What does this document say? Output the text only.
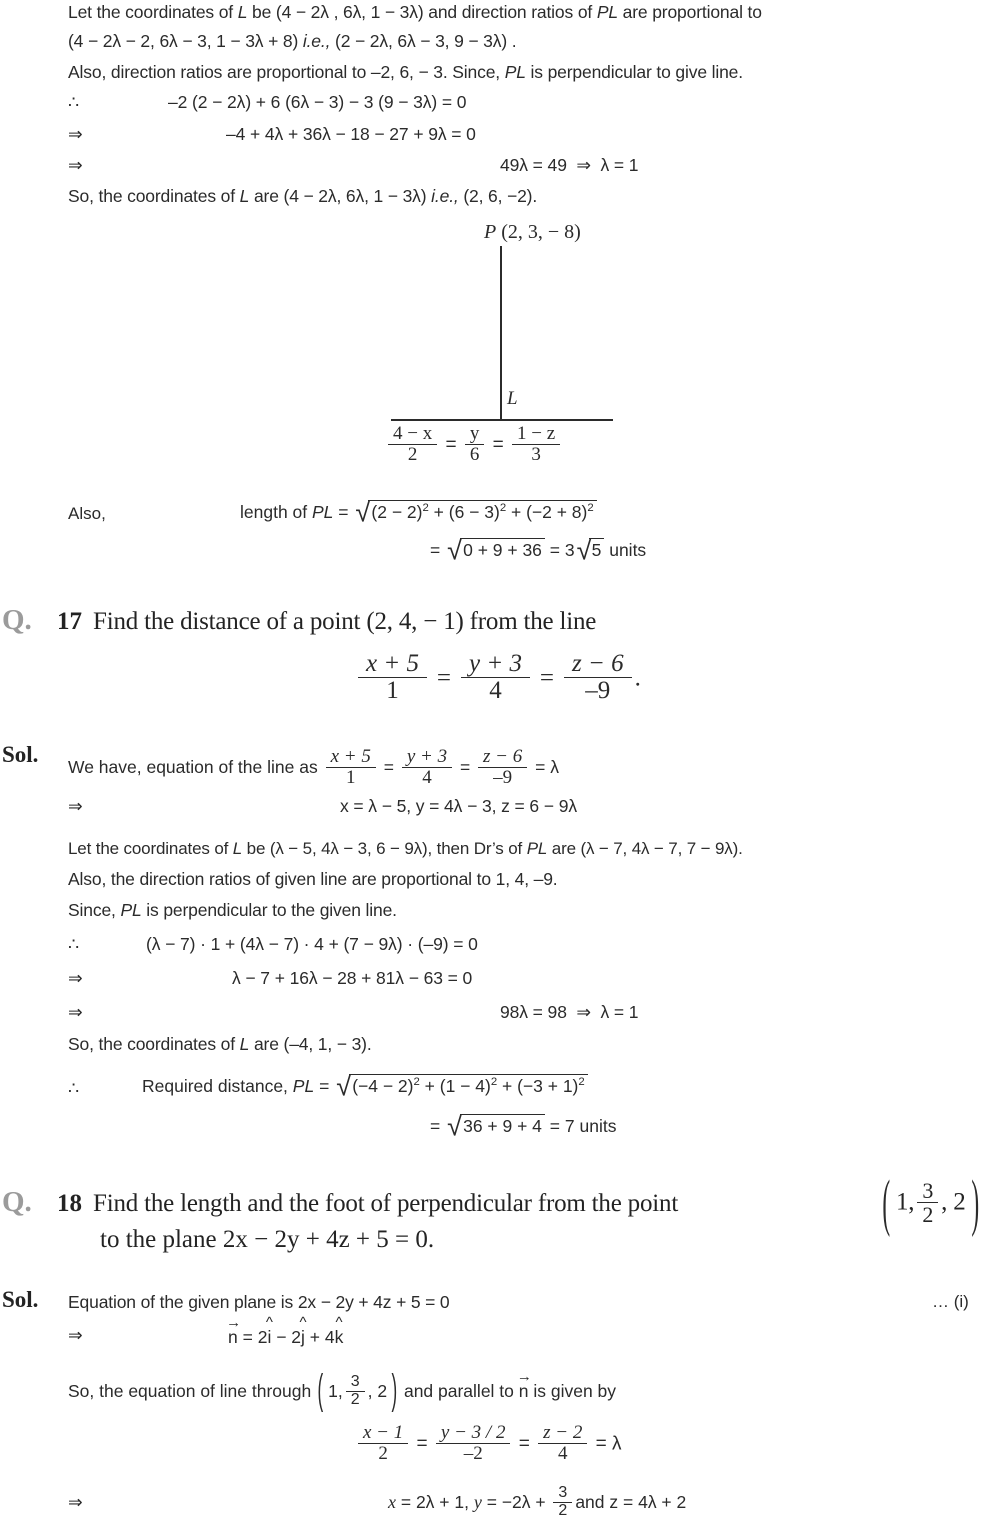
Let the coordinates of L be (4 − 2λ , 6λ, 1 − 3λ) and direction ratios of PL are proportional to
(4 − 2λ − 2, 6λ − 3, 1 − 3λ + 8) i.e., (2 − 2λ, 6λ − 3, 9 − 3λ) .
Also, direction ratios are proportional to –2, 6, − 3. Since, PL is perpendicular to give line.
∴	–2 (2 − 2λ) + 6 (6λ − 3) − 3 (9 − 3λ) = 0
⇒	–4 + 4λ + 36λ − 18 − 27 + 9λ = 0
⇒	49λ = 49 ⇒ λ = 1
So, the coordinates of L are (4 − 2λ, 6λ, 1 − 3λ) i.e., (2, 6, −2).
P (2, 3, − 8)
L
$\frac{4 - x}{2} = \frac{y}{6} = \frac{1 - z}{3}$
Also,	length of PL = √ $(2 - 2)^2 + (6 - 3)^2 + (-2 + 8)^2$
= √ 0 + 9 + 36 = 3 √ 5 units
Q. 17 Find the distance of a point (2, 4, − 1) from the line
$\frac{x + 5}{1} = \frac{y + 3}{4} = \frac{z - 6}{-9}$ .
Sol.
We have, equation of the line as $\frac{x + 5}{1} = \frac{y + 3}{4} = \frac{z - 6}{-9} = \lambda$
⇒	x = λ − 5, y = 4λ − 3, z = 6 − 9λ
Let the coordinates of L be (λ − 5, 4λ − 3, 6 − 9λ), then Dr’s of PL are (λ − 7, 4λ − 7, 7 − 9λ).
Also, the direction ratios of given line are proportional to 1, 4, –9.
Since, PL is perpendicular to the given line.
∴	(λ − 7) · 1 + (4λ − 7) · 4 + (7 − 9λ) · (–9) = 0
⇒	λ − 7 + 16λ − 28 + 81λ − 63 = 0
⇒	98λ = 98 ⇒ λ = 1
So, the coordinates of L are (–4, 1, − 3).
∴	Required distance, PL = √ $(-4 - 2)^2 + (1 - 4)^2 + (-3 + 1)^2$
= √ 36 + 9 + 4 = 7 units
Q. 18 Find the length and the foot of perpendicular from the point	( 1, $\frac{3}{2}$ , 2 )
to the plane 2x − 2y + 4z + 5 = 0.
Sol. Equation of the given plane is 2x − 2y + 4z + 5 = 0	… (i)
⇒
→
n = 2
^
i − 2
^
j + 4
^
k
So, the equation of line through ( 1, $\frac{3}{2}$ , 2 ) and parallel to
→
n is given by
$\frac{x - 1}{2} = \frac{y - 3 / 2}{-2} = \frac{z - 2}{4} = \lambda$
⇒	x = 2λ + 1, $y = -2\lambda + \frac{3}{2}$ and z = 4λ + 2
